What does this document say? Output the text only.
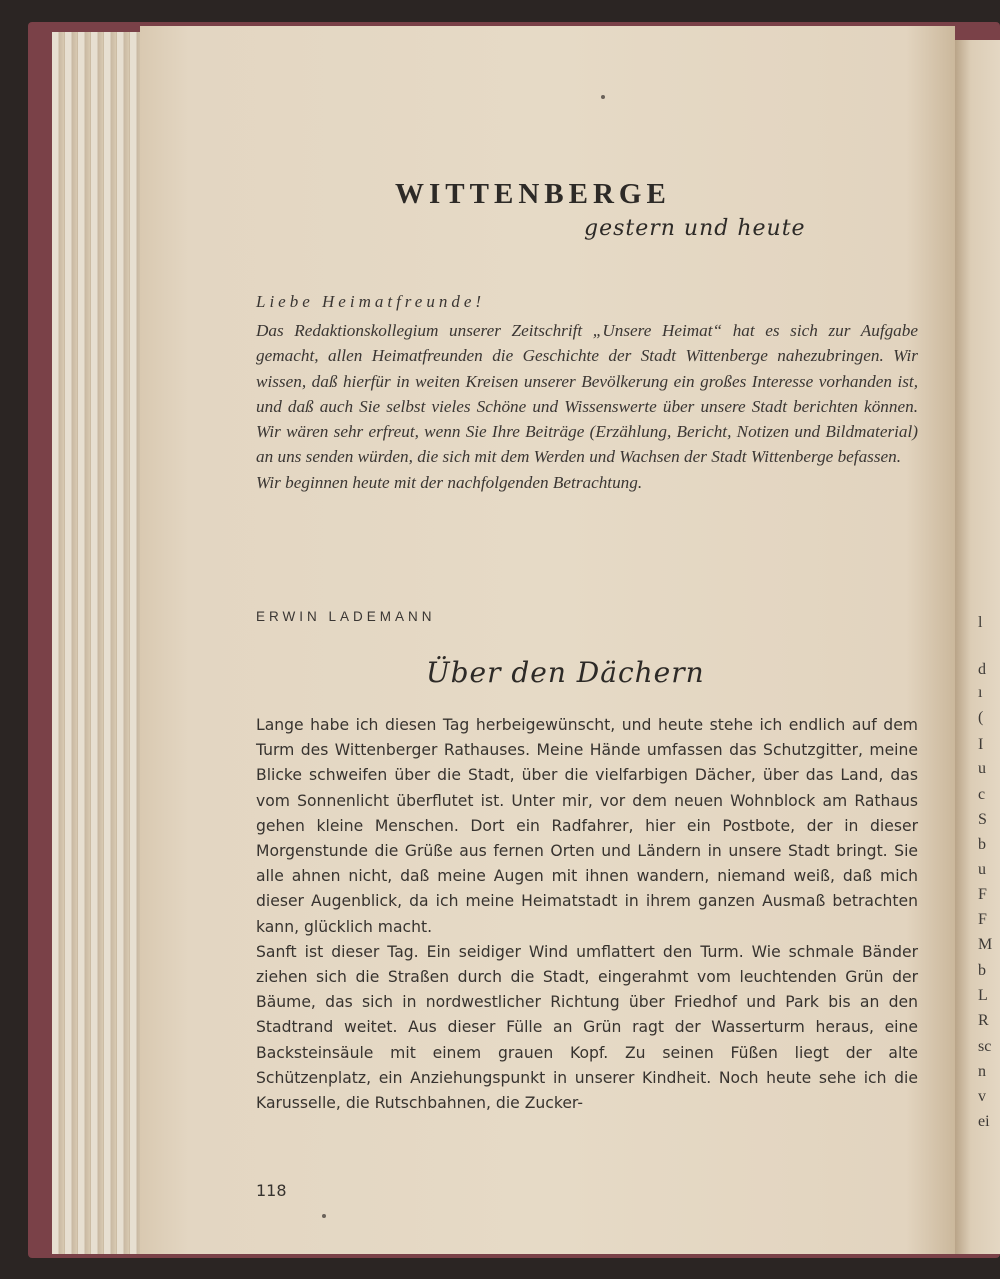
l
d
ı
(
I
u
c
S
b
u
F
F
M
b
L
R
sc
n
v
ei
WITTENBERGE
gestern und heute
Liebe Heimatfreunde!

Das Redaktionskollegium unserer Zeitschrift „Unsere Heimat“ hat es sich zur Aufgabe gemacht, allen Heimatfreunden die Geschichte der Stadt Wittenberge nahezubringen. Wir wissen, daß hierfür in weiten Kreisen unserer Bevölkerung ein großes Interesse vorhanden ist, und daß auch Sie selbst vieles Schöne und Wissenswerte über unsere Stadt berichten können. Wir wären sehr erfreut, wenn Sie Ihre Beiträge (Erzählung, Bericht, Notizen und Bildmaterial) an uns senden würden, die sich mit dem Werden und Wachsen der Stadt Wittenberge befassen.

Wir beginnen heute mit der nachfolgenden Betrachtung.

ERWIN LADEMANN
Über den Dächern

Lange habe ich diesen Tag herbeigewünscht, und heute stehe ich endlich auf dem Turm des Wittenberger Rathauses. Meine Hände umfassen das Schutzgitter, meine Blicke schweifen über die Stadt, über die vielfarbigen Dächer, über das Land, das vom Sonnenlicht überflutet ist. Unter mir, vor dem neuen Wohnblock am Rathaus gehen kleine Menschen. Dort ein Radfahrer, hier ein Postbote, der in dieser Morgenstunde die Grüße aus fernen Orten und Ländern in unsere Stadt bringt. Sie alle ahnen nicht, daß meine Augen mit ihnen wandern, niemand weiß, daß mich dieser Augenblick, da ich meine Heimatstadt in ihrem ganzen Ausmaß betrachten kann, glücklich macht.

Sanft ist dieser Tag. Ein seidiger Wind umflattert den Turm. Wie schmale Bänder ziehen sich die Straßen durch die Stadt, eingerahmt vom leuchtenden Grün der Bäume, das sich in nordwestlicher Richtung über Friedhof und Park bis an den Stadtrand weitet. Aus dieser Fülle an Grün ragt der Wasserturm heraus, eine Backsteinsäule mit einem grauen Kopf. Zu seinen Füßen liegt der alte Schützenplatz, ein Anziehungspunkt in unserer Kindheit. Noch heute sehe ich die Karusselle, die Rutschbahnen, die Zucker-

118
